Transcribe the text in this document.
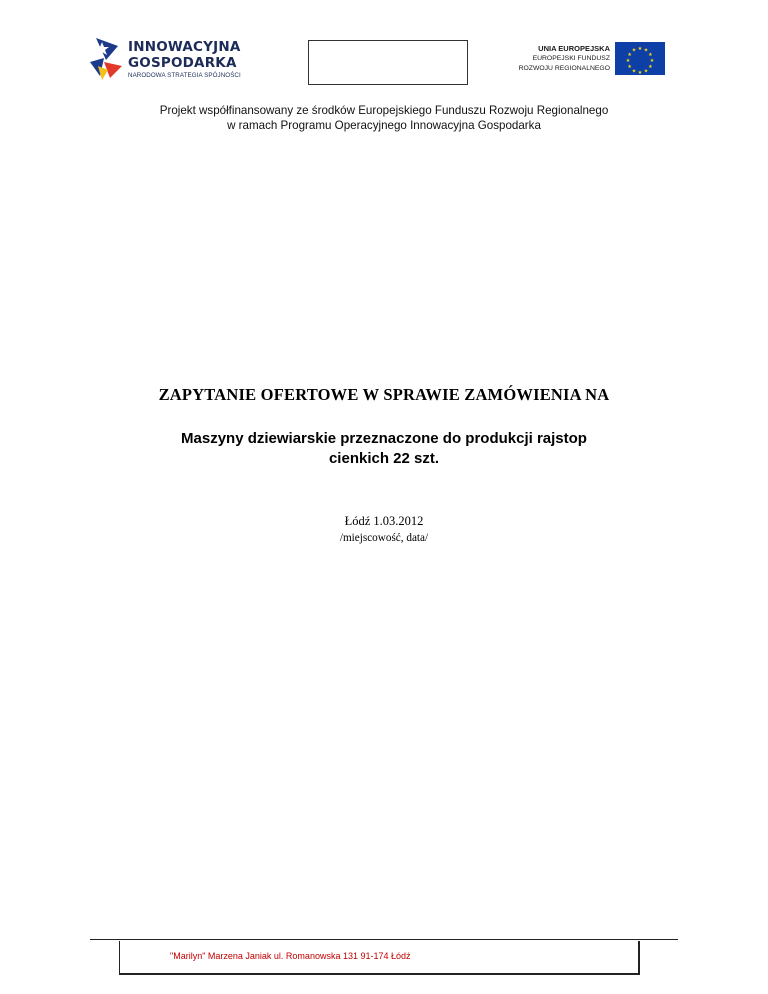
INNOWACYJNA
GOSPODARKA
NARODOWA STRATEGIA SPÓJNOŚCI
UNIA EUROPEJSKA
EUROPEJSKI FUNDUSZ
ROZWOJU REGIONALNEGO
★ ★
★
★
★
★
★
★
★
★
★
★
Projekt współfinansowany ze środków Europejskiego Funduszu Rozwoju Regionalnego
w ramach Programu Operacyjnego Innowacyjna Gospodarka
ZAPYTANIE OFERTOWE W SPRAWIE ZAMÓWIENIA NA
Maszyny dziewiarskie przeznaczone do produkcji rajstop
cienkich 22 szt.
Łódź 1.03.2012
/miejscowość, data/
"Marilyn" Marzena Janiak ul. Romanowska 131 91-174 Łódź
